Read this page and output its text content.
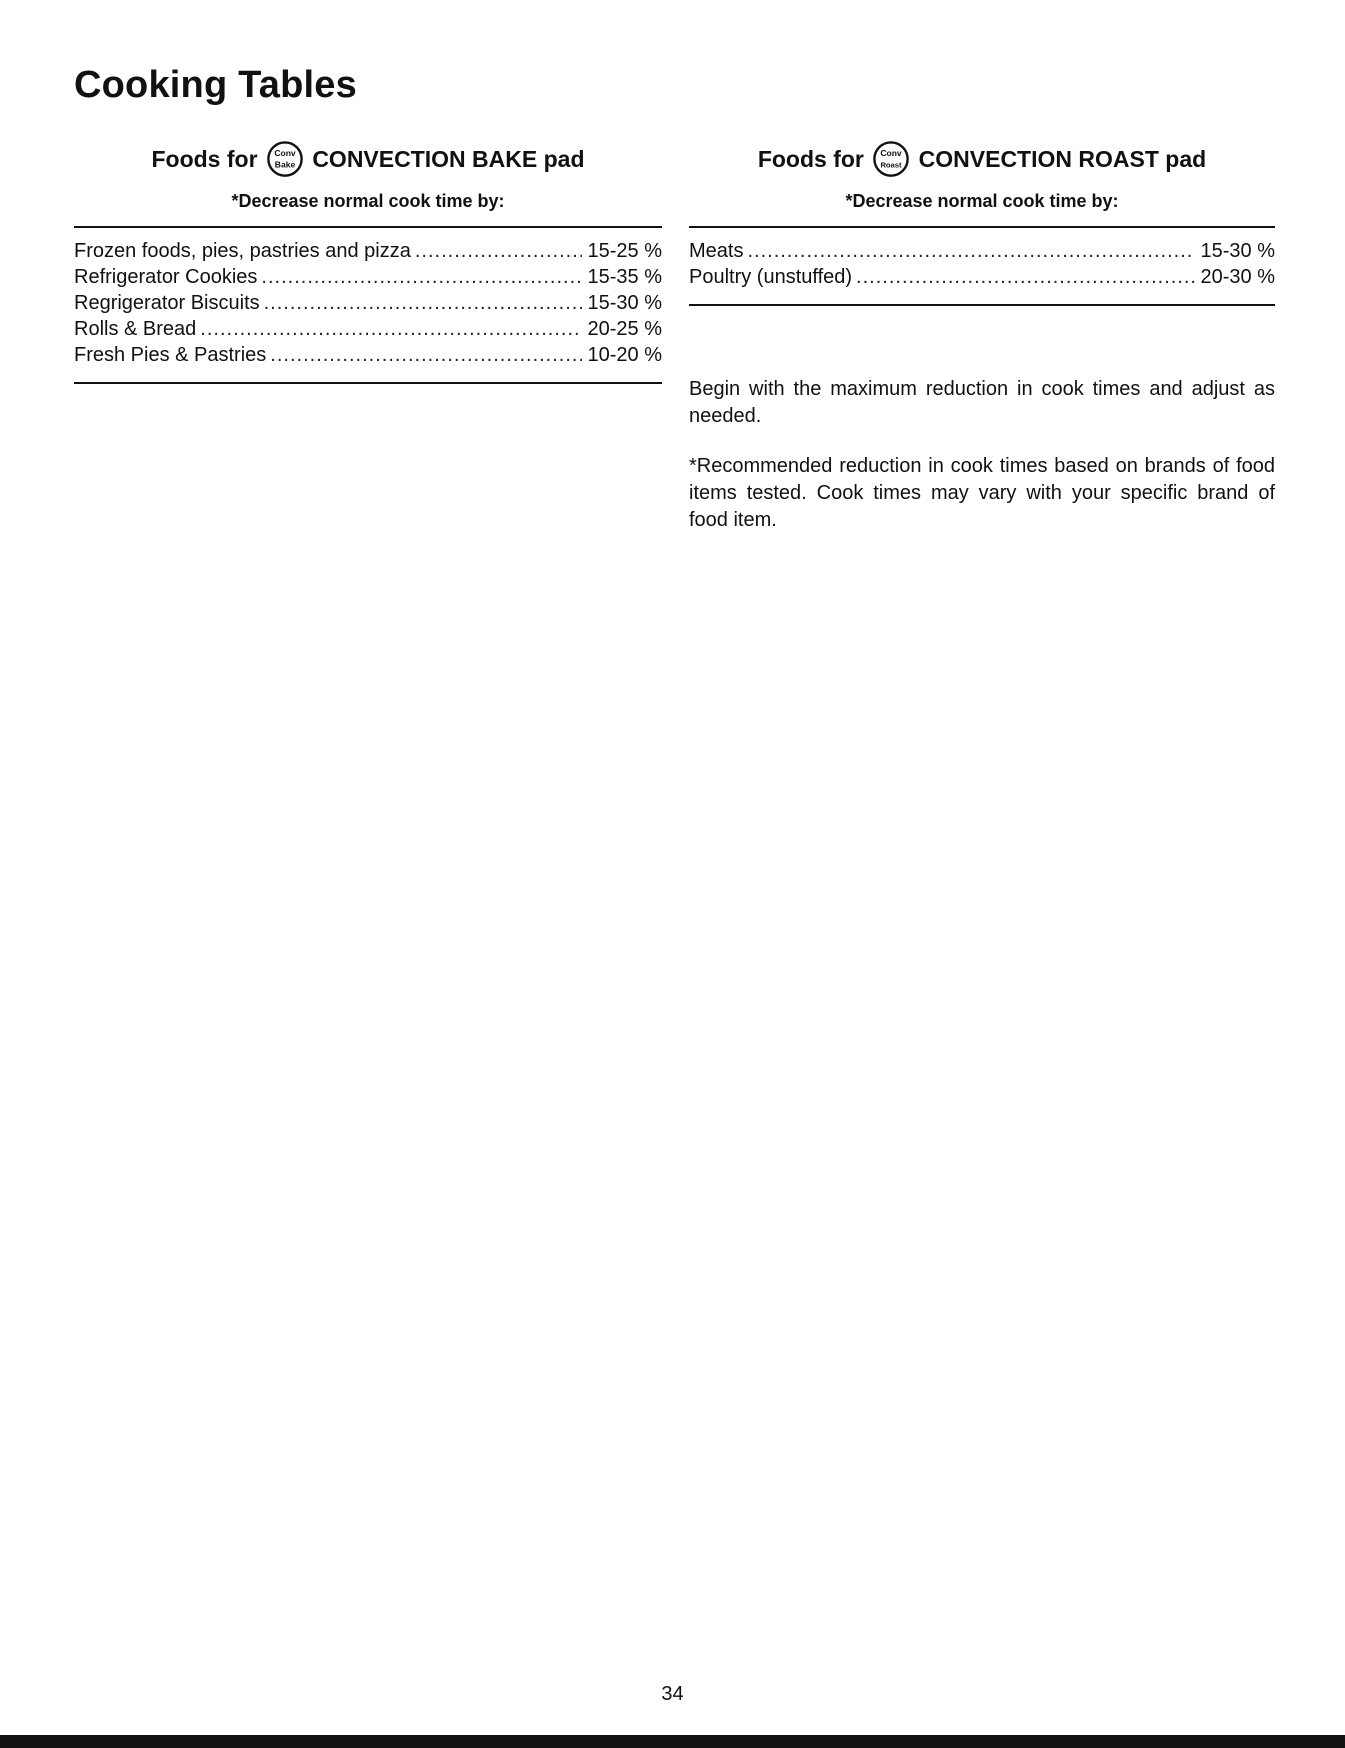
Cooking Tables
Foods for Conv
Bake CONVECTION BAKE pad

*Decrease normal cook time by:

Frozen foods, pies, pastries and pizza .....	15-25 %
Refrigerator Cookies .....	15-35 %
Regrigerator Biscuits .....	15-30 %
Rolls & Bread .....	20-25 %
Fresh Pies & Pastries .....	10-20 %
Foods for Conv
Roast CONVECTION ROAST pad

*Decrease normal cook time by:

Meats .....	15-30 %
Poultry (unstuffed) .....	20-30 %

Begin with the maximum reduction in cook times and adjust as needed.

*Recommended reduction in cook times based on brands of food items tested. Cook times may vary with your specific brand of food item.

34
